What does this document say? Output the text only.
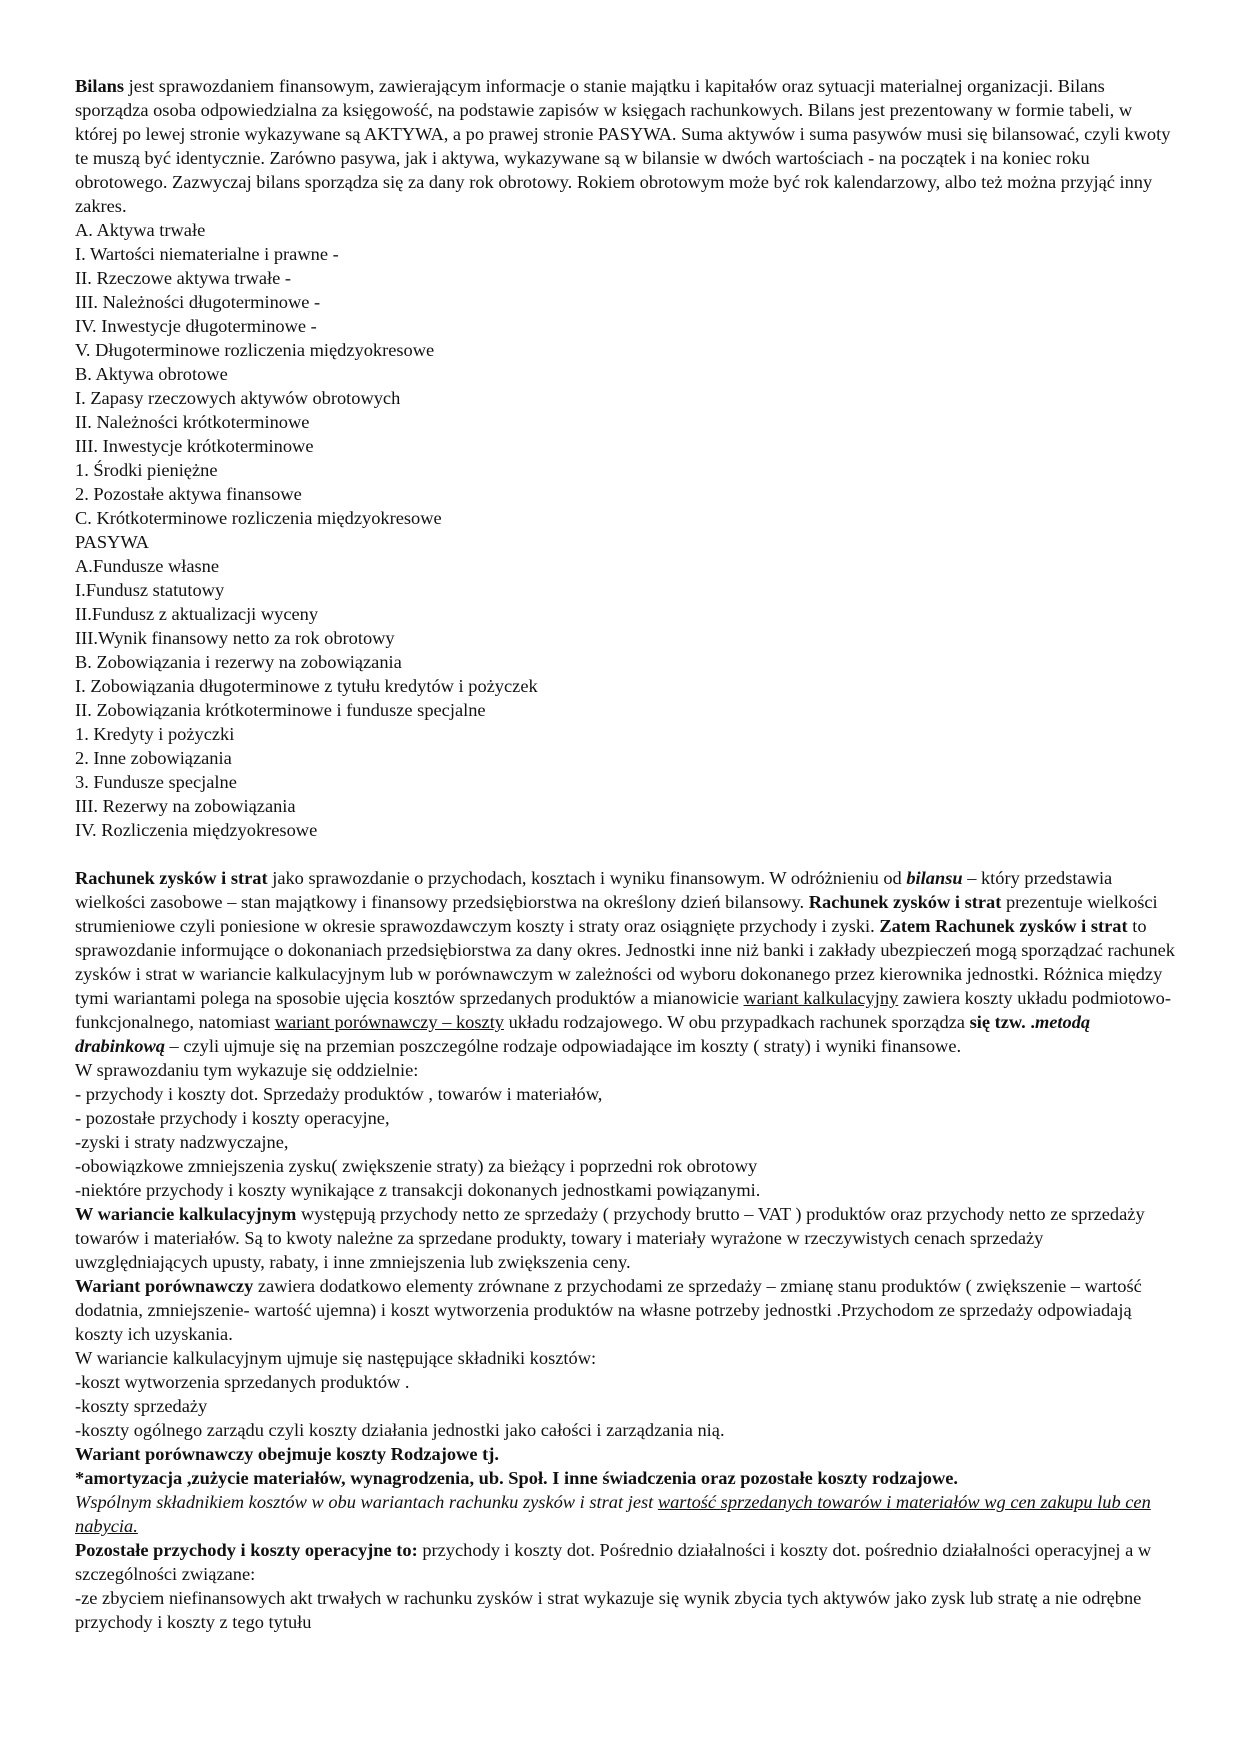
Bilans jest sprawozdaniem finansowym, zawierającym informacje o stanie majątku i kapitałów oraz sytuacji materialnej organizacji. Bilans sporządza osoba odpowiedzialna za księgowość, na podstawie zapisów w księgach rachunkowych. Bilans jest prezentowany w formie tabeli, w której po lewej stronie wykazywane są AKTYWA, a po prawej stronie PASYWA. Suma aktywów i suma pasywów musi się bilansować, czyli kwoty te muszą być identycznie. Zarówno pasywa, jak i aktywa, wykazywane są w bilansie w dwóch wartościach - na początek i na koniec roku obrotowego. Zazwyczaj bilans sporządza się za dany rok obrotowy. Rokiem obrotowym może być rok kalendarzowy, albo też można przyjąć inny zakres.

A. Aktywa trwałe

I. Wartości niematerialne i prawne -

II. Rzeczowe aktywa trwałe -

III. Należności długoterminowe -

IV. Inwestycje długoterminowe -

V. Długoterminowe rozliczenia międzyokresowe

B. Aktywa obrotowe

I. Zapasy rzeczowych aktywów obrotowych

II. Należności krótkoterminowe

III. Inwestycje krótkoterminowe

1. Środki pieniężne

2. Pozostałe aktywa finansowe

C. Krótkoterminowe rozliczenia międzyokresowe

PASYWA

A.Fundusze własne

I.Fundusz statutowy

II.Fundusz z aktualizacji wyceny

III.Wynik finansowy netto za rok obrotowy

B. Zobowiązania i rezerwy na zobowiązania

I. Zobowiązania długoterminowe z tytułu kredytów i pożyczek

II. Zobowiązania krótkoterminowe i fundusze specjalne

1. Kredyty i pożyczki

2. Inne zobowiązania

3. Fundusze specjalne

III. Rezerwy na zobowiązania

IV. Rozliczenia międzyokresowe

Rachunek zysków i strat jako sprawozdanie o przychodach, kosztach i wyniku finansowym. W odróżnieniu od bilansu – który przedstawia wielkości zasobowe – stan majątkowy i finansowy przedsiębiorstwa na określony dzień bilansowy. Rachunek zysków i strat prezentuje wielkości strumieniowe czyli poniesione w okresie sprawozdawczym koszty i straty oraz osiągnięte przychody i zyski. Zatem Rachunek zysków i strat to sprawozdanie informujące o dokonaniach przedsiębiorstwa za dany okres. Jednostki inne niż banki i zakłady ubezpieczeń mogą sporządzać rachunek zysków i strat w wariancie kalkulacyjnym lub w porównawczym w zależności od wyboru dokonanego przez kierownika jednostki. Różnica między tymi wariantami polega na sposobie ujęcia kosztów sprzedanych produktów a mianowicie wariant kalkulacyjny zawiera koszty układu podmiotowo-funkcjonalnego, natomiast wariant porównawczy – koszty układu rodzajowego. W obu przypadkach rachunek sporządza się tzw. .metodą drabinkową – czyli ujmuje się na przemian poszczególne rodzaje odpowiadające im koszty ( straty) i wyniki finansowe.

W sprawozdaniu tym wykazuje się oddzielnie:

- przychody i koszty dot. Sprzedaży produktów , towarów i materiałów,

- pozostałe przychody i koszty operacyjne,

-zyski i straty nadzwyczajne,

-obowiązkowe zmniejszenia zysku( zwiększenie straty) za bieżący i poprzedni rok obrotowy

-niektóre przychody i koszty wynikające z transakcji dokonanych jednostkami powiązanymi.

W wariancie kalkulacyjnym występują przychody netto ze sprzedaży ( przychody brutto – VAT ) produktów oraz przychody netto ze sprzedaży towarów i materiałów. Są to kwoty należne za sprzedane produkty, towary i materiały wyrażone w rzeczywistych cenach sprzedaży uwzględniających upusty, rabaty, i inne zmniejszenia lub zwiększenia ceny.

Wariant porównawczy zawiera dodatkowo elementy zrównane z przychodami ze sprzedaży – zmianę stanu produktów ( zwiększenie – wartość dodatnia, zmniejszenie- wartość ujemna) i koszt wytworzenia produktów na własne potrzeby jednostki .Przychodom ze sprzedaży odpowiadają koszty ich uzyskania.

W wariancie kalkulacyjnym ujmuje się następujące składniki kosztów:

-koszt wytworzenia sprzedanych produktów .

-koszty sprzedaży

-koszty ogólnego zarządu czyli koszty działania jednostki jako całości i zarządzania nią.

Wariant porównawczy obejmuje koszty Rodzajowe tj.

*amortyzacja ,zużycie materiałów, wynagrodzenia, ub. Społ. I inne świadczenia oraz pozostałe koszty rodzajowe.

Wspólnym składnikiem kosztów w obu wariantach rachunku zysków i strat jest wartość sprzedanych towarów i materiałów wg cen zakupu lub cen nabycia.

Pozostałe przychody i koszty operacyjne to: przychody i koszty dot. Pośrednio działalności i koszty dot. pośrednio działalności operacyjnej a w szczególności związane:

-ze zbyciem niefinansowych akt trwałych w rachunku zysków i strat wykazuje się wynik zbycia tych aktywów jako zysk lub stratę a nie odrębne przychody i koszty z tego tytułu
